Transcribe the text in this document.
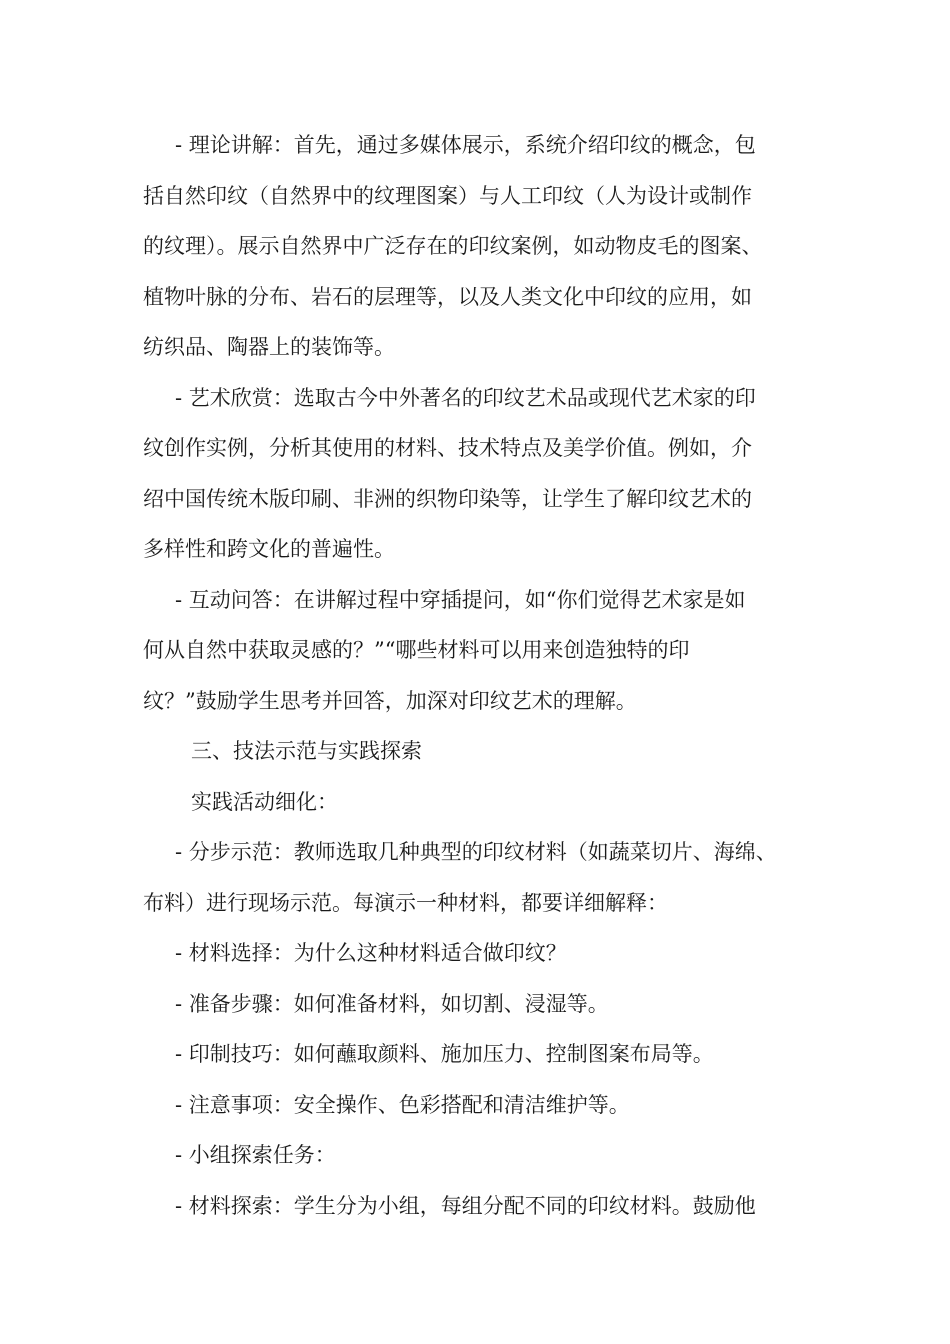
- 理论讲解：首先，通过多媒体展示，系统介绍印纹的概念，包
括自然印纹（自然界中的纹理图案）与人工印纹（人为设计或制作
的纹理）。展示自然界中广泛存在的印纹案例，如动物皮毛的图案、
植物叶脉的分布、岩石的层理等，以及人类文化中印纹的应用，如
纺织品、陶器上的装饰等。

- 艺术欣赏：选取古今中外著名的印纹艺术品或现代艺术家的印
纹创作实例，分析其使用的材料、技术特点及美学价值。例如，介
绍中国传统木版印刷、非洲的织物印染等，让学生了解印纹艺术的
多样性和跨文化的普遍性。

- 互动问答：在讲解过程中穿插提问，如“你们觉得艺术家是如
何从自然中获取灵感的？”“哪些材料可以用来创造独特的印
纹？”鼓励学生思考并回答，加深对印纹艺术的理解。

三、技法示范与实践探索

实践活动细化：

- 分步示范：教师选取几种典型的印纹材料（如蔬菜切片、海绵、
布料）进行现场示范。每演示一种材料，都要详细解释：

- 材料选择：为什么这种材料适合做印纹？

- 准备步骤：如何准备材料，如切割、浸湿等。

- 印制技巧：如何蘸取颜料、施加压力、控制图案布局等。

- 注意事项：安全操作、色彩搭配和清洁维护等。

- 小组探索任务：

- 材料探索：学生分为小组，每组分配不同的印纹材料。鼓励他
